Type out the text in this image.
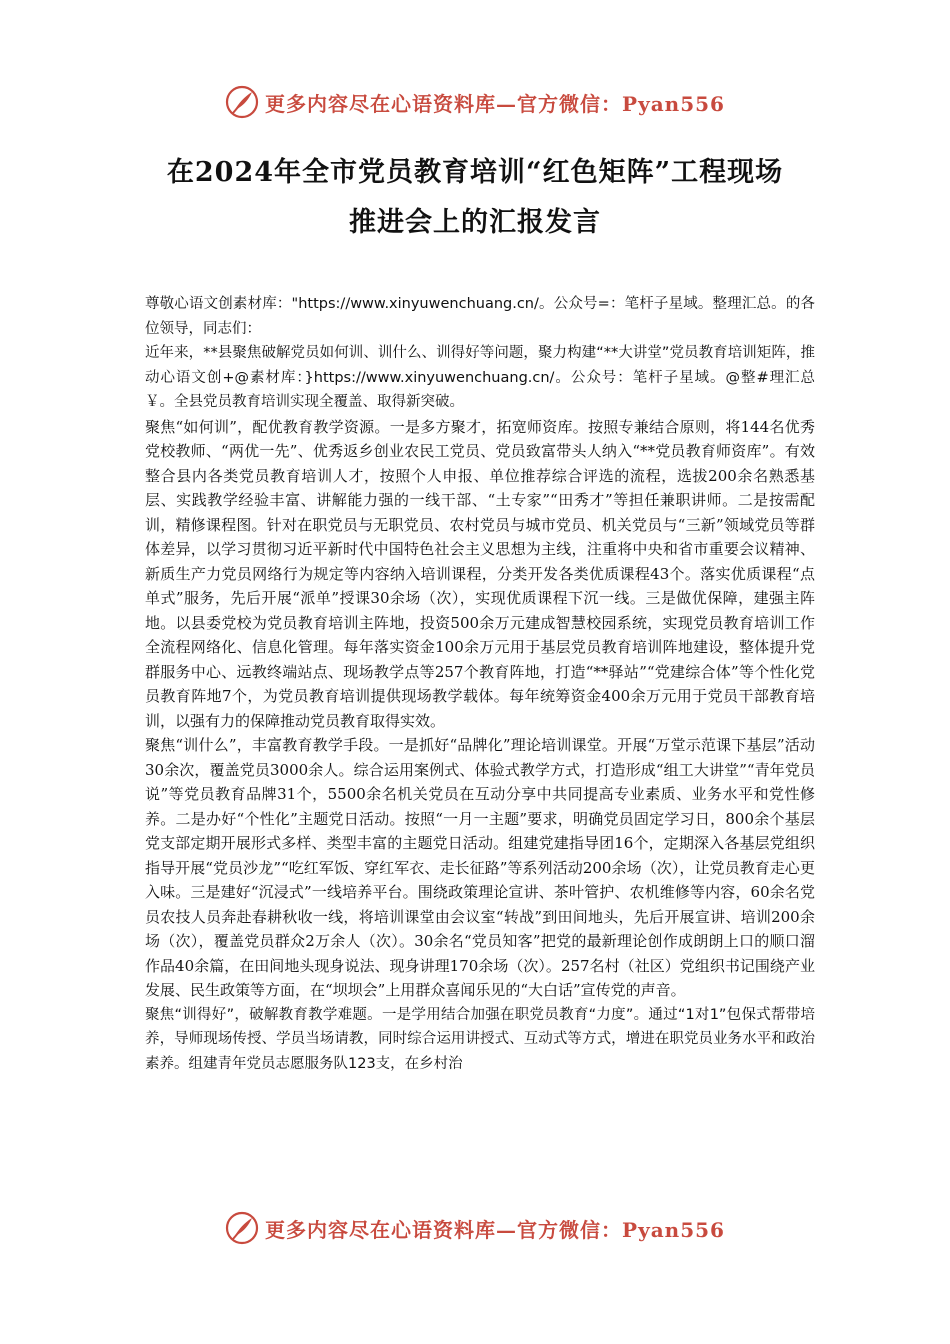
更多内容尽在心语资料库—官方微信：Pyan556
在2024年全市党员教育培训“红色矩阵”工程现场
推进会上的汇报发言

尊敬心语文创素材库："https://www.xinyuwenchuang.cn/。公众号=：笔杆子星域。整理汇总。的各位领导，同志们：

近年来，**县聚焦破解党员如何训、训什么、训得好等问题，聚力构建“**大讲堂”党员教育培训矩阵，推动心语文创+@素材库：}https://www.xinyuwenchuang.cn/。公众号：笔杆子星域。@整#理汇总￥。全县党员教育培训实现全覆盖、取得新突破。

聚焦“如何训”，配优教育教学资源。一是多方聚才，拓宽师资库。按照专兼结合原则，将144名优秀党校教师、“两优一先”、优秀返乡创业农民工党员、党员致富带头人纳入“**党员教育师资库”。有效整合县内各类党员教育培训人才，按照个人申报、单位推荐综合评选的流程，选拔200余名熟悉基层、实践教学经验丰富、讲解能力强的一线干部、“土专家”“田秀才”等担任兼职讲师。二是按需配训，精修课程图。针对在职党员与无职党员、农村党员与城市党员、机关党员与“三新”领域党员等群体差异，以学习贯彻习近平新时代中国特色社会主义思想为主线，注重将中央和省市重要会议精神、新质生产力党员网络行为规定等内容纳入培训课程，分类开发各类优质课程43个。落实优质课程“点单式”服务，先后开展“派单”授课30余场（次），实现优质课程下沉一线。三是做优保障，建强主阵地。以县委党校为党员教育培训主阵地，投资500余万元建成智慧校园系统，实现党员教育培训工作全流程网络化、信息化管理。每年落实资金100余万元用于基层党员教育培训阵地建设，整体提升党群服务中心、远教终端站点、现场教学点等257个教育阵地，打造“**驿站”“党建综合体”等个性化党员教育阵地7个，为党员教育培训提供现场教学载体。每年统筹资金400余万元用于党员干部教育培训，以强有力的保障推动党员教育取得实效。

聚焦“训什么”，丰富教育教学手段。一是抓好“品牌化”理论培训课堂。开展“万堂示范课下基层”活动30余次，覆盖党员3000余人。综合运用案例式、体验式教学方式，打造形成“组工大讲堂”“青年党员说”等党员教育品牌31个，5500余名机关党员在互动分享中共同提高专业素质、业务水平和党性修养。二是办好“个性化”主题党日活动。按照“一月一主题”要求，明确党员固定学习日，800余个基层党支部定期开展形式多样、类型丰富的主题党日活动。组建党建指导团16个，定期深入各基层党组织指导开展“党员沙龙”“吃红军饭、穿红军衣、走长征路”等系列活动200余场（次），让党员教育走心更入味。三是建好“沉浸式”一线培养平台。围绕政策理论宣讲、茶叶管护、农机维修等内容，60余名党员农技人员奔赴春耕秋收一线，将培训课堂由会议室“转战”到田间地头，先后开展宣讲、培训200余场（次），覆盖党员群众2万余人（次）。30余名“党员知客”把党的最新理论创作成朗朗上口的顺口溜作品40余篇，在田间地头现身说法、现身讲理170余场（次）。257名村（社区）党组织书记围绕产业发展、民生政策等方面，在“坝坝会”上用群众喜闻乐见的“大白话”宣传党的声音。

聚焦“训得好”，破解教育教学难题。一是学用结合加强在职党员教育“力度”。通过“1对1”包保式帮带培养，导师现场传授、学员当场请教，同时综合运用讲授式、互动式等方式，增进在职党员业务水平和政治素养。组建青年党员志愿服务队123支，在乡村治

更多内容尽在心语资料库—官方微信：Pyan556
